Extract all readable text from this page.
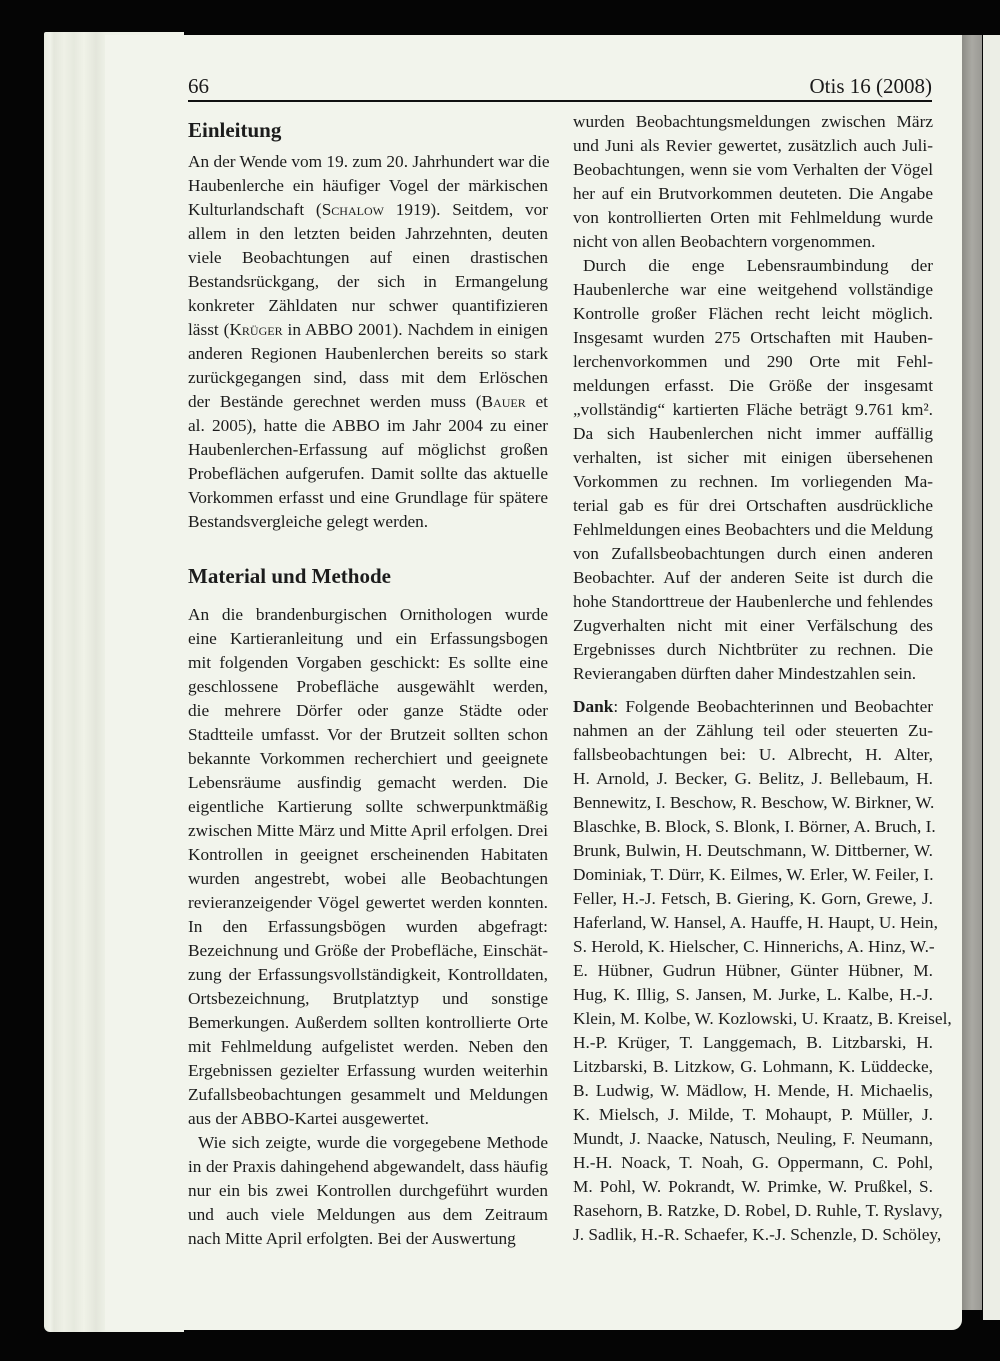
66	Otis 16 (2008)
Einleitung
An der Wende vom 19. zum 20. Jahrhundert war die
Haubenlerche ein häufiger Vogel der märkischen
Kulturlandschaft (Schalow 1919). Seitdem, vor
allem in den letzten beiden Jahrzehnten, deuten
viele Beobachtungen auf einen drastischen
Bestandsrückgang, der sich in Ermangelung
konkreter Zähldaten nur schwer quantifizieren
lässt (Krüger in ABBO 2001). Nachdem in einigen
anderen Regionen Haubenlerchen bereits so stark
zurückgegangen sind, dass mit dem Erlöschen
der Bestände gerechnet werden muss (Bauer et
al. 2005), hatte die ABBO im Jahr 2004 zu einer
Haubenlerchen-Erfassung auf möglichst großen
Probeflächen aufgerufen. Damit sollte das aktuelle
Vorkommen erfasst und eine Grundlage für spätere
Bestandsvergleiche gelegt werden.
Material und Methode
An die brandenburgischen Ornithologen wurde
eine Kartieranleitung und ein Erfassungsbogen
mit folgenden Vorgaben geschickt: Es sollte eine
geschlossene Probefläche ausgewählt werden,
die mehrere Dörfer oder ganze Städte oder
Stadtteile umfasst. Vor der Brutzeit sollten schon
bekannte Vorkommen recherchiert und geeignete
Lebensräume ausfindig gemacht werden. Die
eigentliche Kartierung sollte schwerpunktmäßig
zwischen Mitte März und Mitte April erfolgen. Drei
Kontrollen in geeignet erscheinenden Habitaten
wurden angestrebt, wobei alle Beobachtungen
revieranzeigender Vögel gewertet werden konnten.
In den Erfassungsbögen wurden abgefragt:
Bezeichnung und Größe der Probefläche, Einschät-
zung der Erfassungsvollständigkeit, Kontrolldaten,
Ortsbezeichnung, Brutplatztyp und sonstige
Bemerkungen. Außerdem sollten kontrollierte Orte
mit Fehlmeldung aufgelistet werden. Neben den
Ergebnissen gezielter Erfassung wurden weiterhin
Zufallsbeobachtungen gesammelt und Meldungen
aus der ABBO-Kartei ausgewertet.
Wie sich zeigte, wurde die vorgegebene Methode
in der Praxis dahingehend abgewandelt, dass häufig
nur ein bis zwei Kontrollen durchgeführt wurden
und auch viele Meldungen aus dem Zeitraum
nach Mitte April erfolgten. Bei der Auswertung
wurden Beobachtungsmeldungen zwischen März
und Juni als Revier gewertet, zusätzlich auch Juli-
Beobachtungen, wenn sie vom Verhalten der Vögel
her auf ein Brutvorkommen deuteten. Die Angabe
von kontrollierten Orten mit Fehlmeldung wurde
nicht von allen Beobachtern vorgenommen.
Durch die enge Lebensraumbindung der
Haubenlerche war eine weitgehend vollständige
Kontrolle großer Flächen recht leicht möglich.
Insgesamt wurden 275 Ortschaften mit Hauben-
lerchenvorkommen und 290 Orte mit Fehl-
meldungen erfasst. Die Größe der insgesamt
„vollständig“ kartierten Fläche beträgt 9.761 km².
Da sich Haubenlerchen nicht immer auffällig
verhalten, ist sicher mit einigen übersehenen
Vorkommen zu rechnen. Im vorliegenden Ma-
terial gab es für drei Ortschaften ausdrückliche
Fehlmeldungen eines Beobachters und die Meldung
von Zufallsbeobachtungen durch einen anderen
Beobachter. Auf der anderen Seite ist durch die
hohe Standorttreue der Haubenlerche und fehlendes
Zugverhalten nicht mit einer Verfälschung des
Ergebnisses durch Nichtbrüter zu rechnen. Die
Revierangaben dürften daher Mindestzahlen sein.
Dank: Folgende Beobachterinnen und Beobachter
nahmen an der Zählung teil oder steuerten Zu-
fallsbeobachtungen bei: U. Albrecht, H. Alter,
H. Arnold, J. Becker, G. Belitz, J. Bellebaum, H.
Bennewitz, I. Beschow, R. Beschow, W. Birkner, W.
Blaschke, B. Block, S. Blonk, I. Börner, A. Bruch, I.
Brunk, Bulwin, H. Deutschmann, W. Dittberner, W.
Dominiak, T. Dürr, K. Eilmes, W. Erler, W. Feiler, I.
Feller, H.-J. Fetsch, B. Giering, K. Gorn, Grewe, J.
Haferland, W. Hansel, A. Hauffe, H. Haupt, U. Hein,
S. Herold, K. Hielscher, C. Hinnerichs, A. Hinz, W.-
E. Hübner, Gudrun Hübner, Günter Hübner, M.
Hug, K. Illig, S. Jansen, M. Jurke, L. Kalbe, H.-J.
Klein, M. Kolbe, W. Kozlowski, U. Kraatz, B. Kreisel,
H.-P. Krüger, T. Langgemach, B. Litzbarski, H.
Litzbarski, B. Litzkow, G. Lohmann, K. Lüddecke,
B. Ludwig, W. Mädlow, H. Mende, H. Michaelis,
K. Mielsch, J. Milde, T. Mohaupt, P. Müller, J.
Mundt, J. Naacke, Natusch, Neuling, F. Neumann,
H.-H. Noack, T. Noah, G. Oppermann, C. Pohl,
M. Pohl, W. Pokrandt, W. Primke, W. Prußkel, S.
Rasehorn, B. Ratzke, D. Robel, D. Ruhle, T. Ryslavy,
J. Sadlik, H.-R. Schaefer, K.-J. Schenzle, D. Schöley,
